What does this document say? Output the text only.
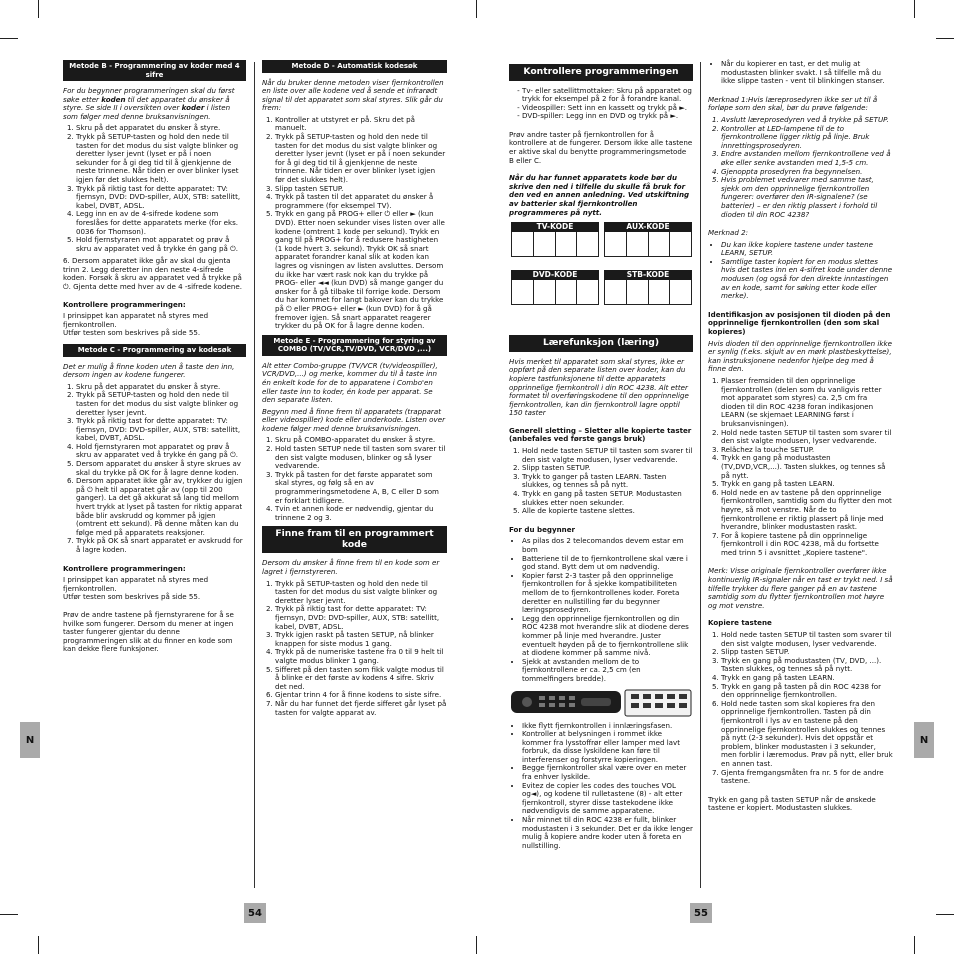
N	N
54	55
Metode B - Programmering av koder med 4 sifre

For du begynner programmeringen skal du først søke etter koden til det apparatet du ønsker å styre. Se side II i oversikten over koder i listen som følger med denne bruksanvisningen.

1. Skru på det apparatet du ønsker å styre.
2. Trykk på SETUP-tasten og hold den nede til tasten for det modus du sist valgte blinker og deretter lyser jevnt (lyset er på i noen sekunder for å gi deg tid til å gjenkjenne de neste trinnene. Når tiden er over blinker lyset igjen før det slukkes helt).
3. Trykk på riktig tast for dette apparatet: TV: fjernsyn, DVD: DVD-spiller, AUX, STB: satellitt, kabel, DVBT, ADSL.
4. Legg inn en av de 4-sifrede kodene som foreslåes for dette apparatets merke (for eks. 0036 for Thomson).
5. Hold fjernstyraren mot apparatet og prøv å skru av apparatet ved å trykke én gang på ⏻.

6. Dersom apparatet ikke går av skal du gjenta trinn 2. Legg deretter inn den neste 4-sifrede koden. Forsøk å skru av apparatet ved å trykke på ⏻. Gjenta dette med hver av de 4 -sifrede kodene.

Kontrollere programmeringen:

I prinsippet kan apparatet nå styres med fjernkontrollen.

Utfør testen som beskrives på side 55.

Metode C - Programmering av kodesøk

Det er mulig å finne koden uten å taste den inn, dersom ingen av kodene fungerer.

1. Skru på det apparatet du ønsker å styre.
2. Trykk på SETUP-tasten og hold den nede til tasten for det modus du sist valgte blinker og deretter lyser jevnt.
3. Trykk på riktig tast for dette apparatet: TV: fjernsyn, DVD: DVD-spiller, AUX, STB: satellitt, kabel, DVBT, ADSL.
4. Hold fjernstyraren mot apparatet og prøv å skru av apparatet ved å trykke én gang på ⏻.
5. Dersom apparatet du ønsker å styre skrues av skal du trykke på OK for å lagre denne koden.
6. Dersom apparatet ikke går av, trykker du igjen på ⏻ helt til apparatet går av (opp til 200 ganger). La det gå akkurat så lang tid mellom hvert trykk at lyset på tasten for riktig apparat både blir avskrudd og kommer på igjen (omtrent ett sekund). På denne måten kan du følge med på apparatets reaksjoner.
7. Trykk på OK så snart apparatet er avskrudd for å lagre koden.

Kontrollere programmeringen:

I prinsippet kan apparatet nå styres med fjernkontrollen.

Utfør testen som beskrives på side 55.

Prøv de andre tastene på fjernstyrarene for å se hvilke som fungerer. Dersom du mener at ingen taster fungerer gjentar du denne programmeringen slik at du finner en kode som kan dekke flere funksjoner.

Metode D - Automatisk kodesøk

Når du bruker denne metoden viser fjernkontrollen en liste over alle kodene ved å sende et infrarødt signal til det apparatet som skal styres. Slik går du frem:

1. Kontroller at utstyret er på. Skru det på manuelt.
2. Trykk på SETUP-tasten og hold den nede til tasten for det modus du sist valgte blinker og deretter lyser jevnt (lyset er på i noen sekunder for å gi deg tid til å gjenkjenne de neste trinnene. Når tiden er over blinker lyset igjen før det slukkes helt).
3. Slipp tasten SETUP.
4. Trykk på tasten til det apparatet du ønsker å programmere (for eksempel TV).
5. Trykk en gang på PROG+ eller ⏻ eller ► (kun DVD). Etter noen sekunder vises listen over alle kodene (omtrent 1 kode per sekund). Trykk en gang til på PROG+ for å redusere hastigheten (1 kode hvert 3. sekund). Trykk OK så snart apparatet forandrer kanal slik at koden kan lagres og visningen av listen avsluttes. Dersom du ikke har vært rask nok kan du trykke på PROG- eller ◄◄ (kun DVD) så mange ganger du ønsker for å gå tilbake til forrige kode. Dersom du har kommet for langt bakover kan du trykke på ⏻ eller PROG+ eller ► (kun DVD) for å gå fremover igjen. Så snart apparatet reagerer trykker du på OK for å lagre denne koden.
Metode E - Programmering for styring av COMBO (TV/VCR,TV/DVD, VCR/DVD ,...)

Alt etter Combo-gruppe (TV/VCR (tv/videospiller), VCR/DVD,...) og merke, kommer du til å taste inn én enkelt kode for de to apparatene i Combo'en eller taste inn to koder, én kode per apparat. Se den separate listen.

Begynn med å finne frem til apparatets (trapparat eller videospiller) kode eller underkode. Listen over kodene følger med denne bruksanvisningen.

1. Skru på COMBO-apparatet du ønsker å styre.
2. Hold tasten SETUP nede til tasten som svarer til den sist valgte modusen, blinker og så lyser vedvarende.
3. Trykk på tasten for det første apparatet som skal styres, og følg så en av programmeringsmetodene A, B, C eller D som er forklart tidligere.
4. Tvin et annen kode er nødvendig, gjentar du trinnene 2 og 3.
Finne fram til en programmert kode

Dersom du ønsker å finne frem til en kode som er lagret i fjernstyreren.

1. Trykk på SETUP-tasten og hold den nede til tasten for det modus du sist valgte blinker og deretter lyser jevnt.
2. Trykk på riktig tast for dette apparatet: TV: fjernsyn, DVD: DVD-spiller, AUX, STB: satellitt, kabel, DVBT, ADSL.
3. Trykk igjen raskt på tasten SETUP, nå blinker knappen for siste modus 1 gang.
4. Trykk på de numeriske tastene fra 0 til 9 helt til valgte modus blinker 1 gang.
5. Sifferet på den tasten som fikk valgte modus til å blinke er det første av kodens 4 sifre. Skriv det ned.
6. Gjentar trinn 4 for å finne kodens to siste sifre.
7. Når du har funnet det fjerde sifferet går lyset på tasten for valgte apparat av.
Kontrollere programmeringen
- Tv- eller satellittmottaker: Skru på apparatet og trykk for eksempel på 2 for å forandre kanal.
- Videospiller: Sett inn en kassett og trykk på ►.
- DVD-spiller: Legg inn en DVD og trykk på ►.

Prøv andre taster på fjernkontrollen for å kontrollere at de fungerer. Dersom ikke alle tastene er aktive skal du benytte programmeringsmetode B eller C.

Når du har funnet apparatets kode bør du skrive den ned i tilfelle du skulle få bruk for den ved en annen anledning. Ved utskiftning av batterier skal fjernkontrollen programmeres på nytt.

TV-KODE	AUX-KODE
DVD-KODE	STB-KODE
Lærefunksjon (læring)

Hvis merket til apparatet som skal styres, ikke er oppført på den separate listen over koder, kan du kopiere tastfunksjonene til dette apparatets opprinnelige fjernkontroll i din ROC 4238. Alt etter formatet til overføringskodene til den opprinnelige fjernkontrollen, kan din fjernkontroll lagre opptil 150 taster

Generell sletting – Sletter alle kopierte taster (anbefales ved første gangs bruk)

1. Hold nede tasten SETUP til tasten som svarer til den sist valgte modusen, lyser vedvarende.
2. Slipp tasten SETUP.
3. Trykk to ganger på tasten LEARN. Tasten slukkes, og tennes så på nytt.
4. Trykk en gang på tasten SETUP. Modustasten slukkes etter noen sekunder.
5. Alle de kopierte tastene slettes.

For du begynner

• As pilas dos 2 telecomandos devem estar em bom
• Batteriene til de to fjernkontrollene skal være i god stand. Bytt dem ut om nødvendig.
• Kopier først 2-3 taster på den opprinnelige fjernkontrollen for å sjekke kompatibiliteten mellom de to fjernkontrollenes koder. Foreta deretter en nullstilling før du begynner læringsprosedyren.
• Legg den opprinnelige fjernkontrollen og din ROC 4238 mot hverandre slik at diodene deres kommer på linje med hverandre. Juster eventuelt høyden på de to fjernkontrollene slik at diodene kommer på samme nivå.
• Sjekk at avstanden mellom de to fjernkontrollene er ca. 2,5 cm (en tommelfingers bredde).
• Ikke flytt fjernkontrollen i innlæringsfasen.
• Kontroller at belysningen i rommet ikke kommer fra lysstoffrør eller lamper med lavt forbruk, da disse lyskildene kan føre til interferenser og forstyrre kopieringen.
• Begge fjernkontroller skal være over en meter fra enhver lyskilde.
• Evitez de copier les codes des touches VOL og◄), og kodene til rulletastene (8) - alt etter fjernkontroll, styrer disse tastekodene ikke nødvendigvis de samme apparatene.
• Når minnet til din ROC 4238 er fullt, blinker modustasten i 3 sekunder. Det er da ikke lenger mulig å kopiere andre koder uten å foreta en nullstilling.
• Når du kopierer en tast, er det mulig at modustasten blinker svakt. I så tilfelle må du ikke slippe tasten - vent til blinkingen stanser.

Merknad 1:Hvis læreprosedyren ikke ser ut til å forløpe som den skal, bør du prøve følgende:

1. Avslutt læreprosedyren ved å trykke på SETUP.
2. Kontroller at LED-lampene til de to fjernkontrollene ligger riktig på linje. Bruk innrettingsprosedyren.
3. Endre avstanden mellom fjernkontrollene ved å øke eller senke avstanden med 1,5-5 cm.
4. Gjenoppta prosedyren fra begynnelsen.
5. Hvis problemet vedvarer med samme tast, sjekk om den opprinnelige fjernkontrollen fungerer: overfører den IR-signalene? (se batterier) – er den riktig plassert i forhold til dioden til din ROC 4238?

Merknad 2:

• Du kan ikke kopiere tastene under tastene LEARN, SETUP.
• Samtlige taster kopiert for en modus slettes hvis det tastes inn en 4-sifret kode under denne modusen (og også for den direkte inntastingen av en kode, samt for søking etter kode eller merke).

Identifikasjon av posisjonen til dioden på den opprinnelige fjernkontrollen (den som skal kopieres)

Hvis dioden til den opprinnelige fjernkontrollen ikke er synlig (f.eks. skjult av en mørk plastbeskyttelse), kan instruksjonene nedenfor hjelpe deg med å finne den.

1. Plasser fremsiden til den opprinnelige fjernkontrollen (delen som du vanligvis retter mot apparatet som styres) ca. 2,5 cm fra dioden til din ROC 4238 foran indikasjonen LEARN (se skjemaet LEARNING først i bruksanvisningen).
2. Hold nede tasten SETUP til tasten som svarer til den sist valgte modusen, lyser vedvarende.
3. Relâchez la touche SETUP.
4. Trykk en gang på modustasten (TV,DVD,VCR,...). Tasten slukkes, og tennes så på nytt.
5. Trykk en gang på tasten LEARN.
6. Hold nede en av tastene på den opprinnelige fjernkontrollen, samtidig som du flytter den mot høyre, så mot venstre. Når de to fjernkontrollene er riktig plassert på linje med hverandre, blinker modustasten raskt.
7. For å kopiere tastene på din opprinnelige fjernkontroll i din ROC 4238, må du fortsette med trinn 5 i avsnittet „Kopiere tastene".

Merk: Visse originale fjernkontroller overfører ikke kontinuerlig IR-signaler når en tast er trykt ned. I så tilfelle trykker du flere ganger på en av tastene samtidig som du flytter fjernkontrollen mot høyre og mot venstre.

Kopiere tastene

1. Hold nede tasten SETUP til tasten som svarer til den sist valgte modusen, lyser vedvarende.
2. Slipp tasten SETUP.
3. Trykk en gang på modustasten (TV, DVD, ...). Tasten slukkes, og tennes så på nytt.
4. Trykk en gang på tasten LEARN.
5. Trykk en gang på tasten på din ROC 4238 for den opprinnelige fjernkontrollen.
6. Hold nede tasten som skal kopieres fra den opprinnelige fjernkontrollen. Tasten på din fjernkontroll i lys av en tastene på den opprinnelige fjernkontrollen slukkes og tennes på nytt (2-3 sekunder). Hvis det oppstår et problem, blinker modustasten i 3 sekunder, men forblir i læremodus. Prøv på nytt, eller bruk en annen tast.
7. Gjenta fremgangsmåten fra nr. 5 for de andre tastene.

Trykk en gang på tasten SETUP når de ønskede tastene er kopiert. Modustasten slukkes.
